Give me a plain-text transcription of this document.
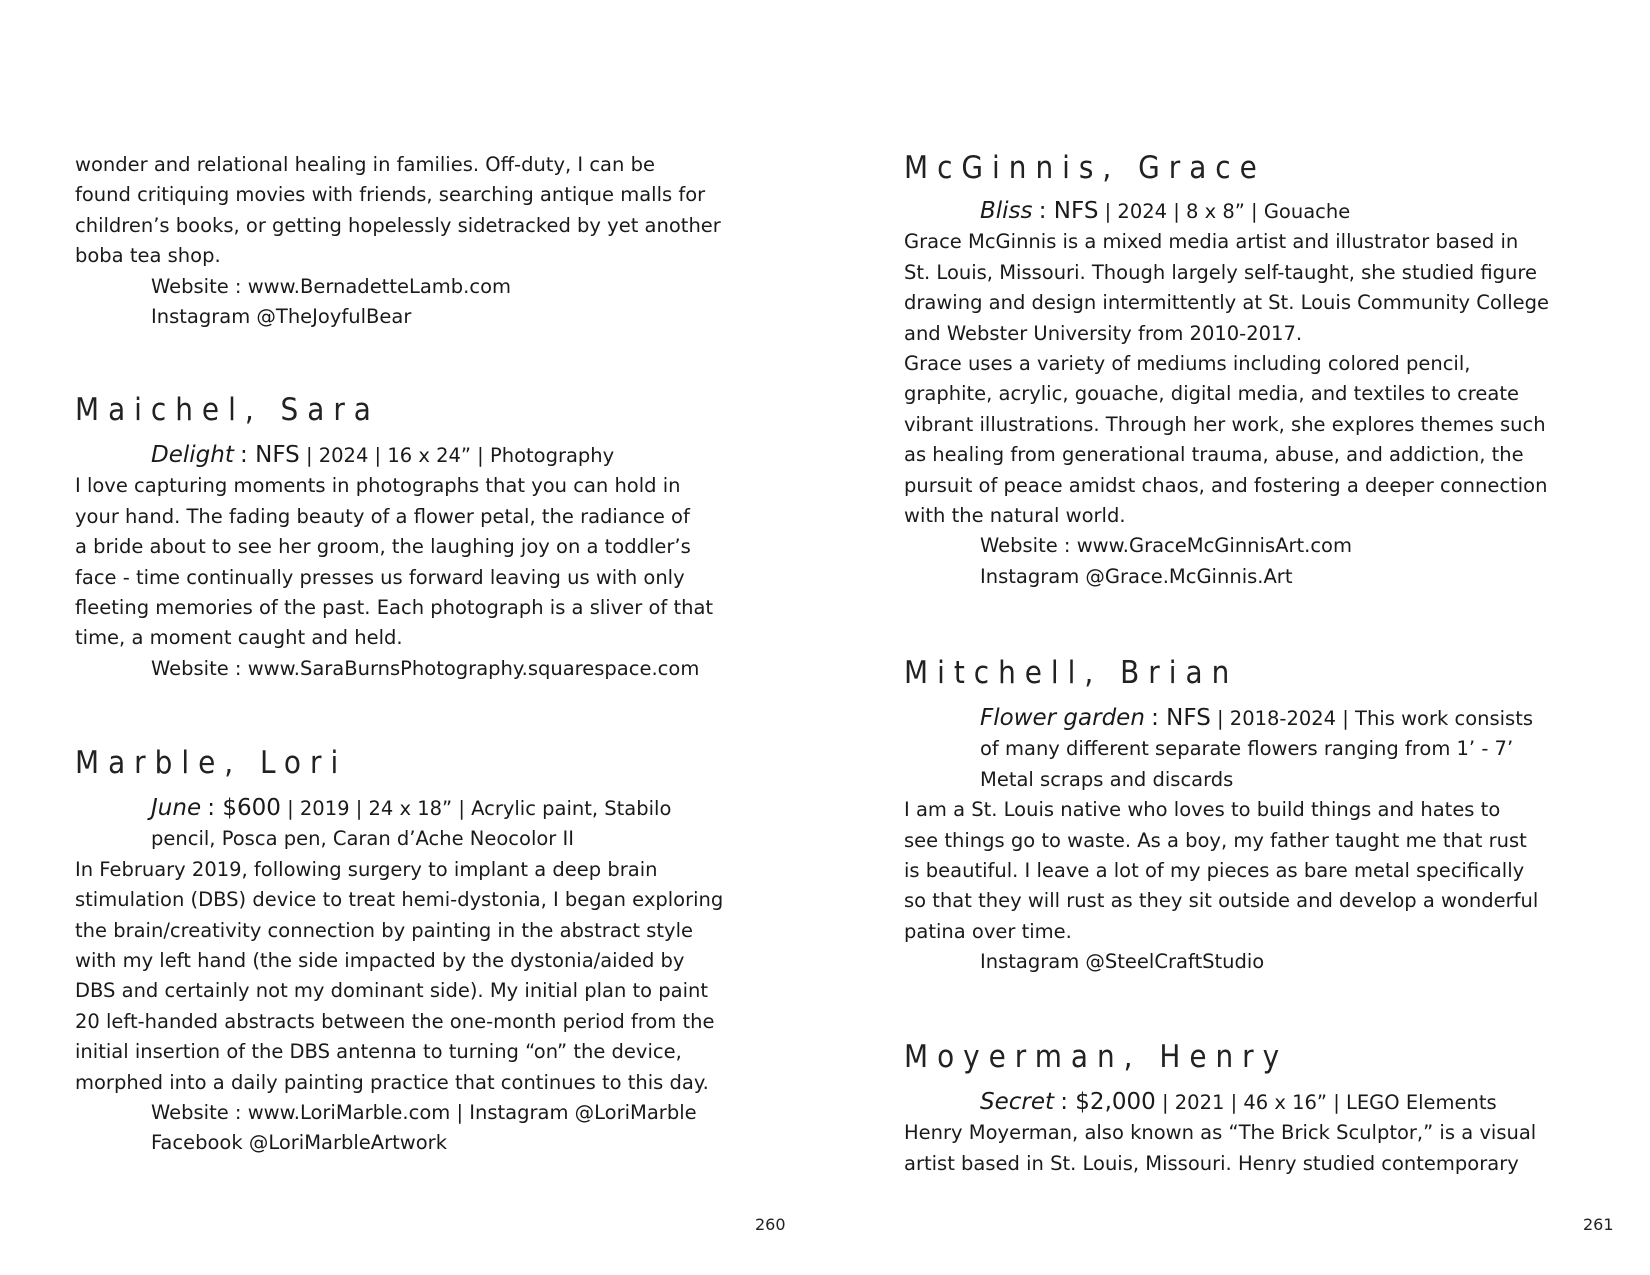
wonder and relational healing in families. Off-duty, I can be

found critiquing movies with friends, searching antique malls for

children’s books, or getting hopelessly sidetracked by yet another

boba tea shop.

Website : www.BernadetteLamb.com

Instagram @TheJoyfulBear

Maichel, Sara

Delight : NFS | 2024 | 16 x 24” | Photography

I love capturing moments in photographs that you can hold in

your hand. The fading beauty of a flower petal, the radiance of

a bride about to see her groom, the laughing joy on a toddler’s

face - time continually presses us forward leaving us with only

fleeting memories of the past. Each photograph is a sliver of that

time, a moment caught and held.

Website : www.SaraBurnsPhotography.squarespace.com

Marble, Lori

June : $600 | 2019 | 24 x 18” | Acrylic paint, Stabilo

pencil, Posca pen, Caran d’Ache Neocolor II

In February 2019, following surgery to implant a deep brain

stimulation (DBS) device to treat hemi-dystonia, I began exploring

the brain/creativity connection by painting in the abstract style

with my left hand (the side impacted by the dystonia/aided by

DBS and certainly not my dominant side). My initial plan to paint

20 left-handed abstracts between the one-month period from the

initial insertion of the DBS antenna to turning “on” the device,

morphed into a daily painting practice that continues to this day.

Website : www.LoriMarble.com | Instagram @LoriMarble

Facebook @LoriMarbleArtwork

260
McGinnis, Grace

Bliss : NFS | 2024 | 8 x 8” | Gouache

Grace McGinnis is a mixed media artist and illustrator based in

St. Louis, Missouri. Though largely self-taught, she studied figure

drawing and design intermittently at St. Louis Community College

and Webster University from 2010-2017.

Grace uses a variety of mediums including colored pencil,

graphite, acrylic, gouache, digital media, and textiles to create

vibrant illustrations. Through her work, she explores themes such

as healing from generational trauma, abuse, and addiction, the

pursuit of peace amidst chaos, and fostering a deeper connection

with the natural world.

Website : www.GraceMcGinnisArt.com

Instagram @Grace.McGinnis.Art

Mitchell, Brian

Flower garden : NFS | 2018-2024 | This work consists

of many different separate flowers ranging from 1’ - 7’

Metal scraps and discards

I am a St. Louis native who loves to build things and hates to

see things go to waste. As a boy, my father taught me that rust

is beautiful. I leave a lot of my pieces as bare metal specifically

so that they will rust as they sit outside and develop a wonderful

patina over time.

Instagram @SteelCraftStudio

Moyerman, Henry

Secret : $2,000 | 2021 | 46 x 16” | LEGO Elements

Henry Moyerman, also known as “The Brick Sculptor,” is a visual

artist based in St. Louis, Missouri. Henry studied contemporary

261
